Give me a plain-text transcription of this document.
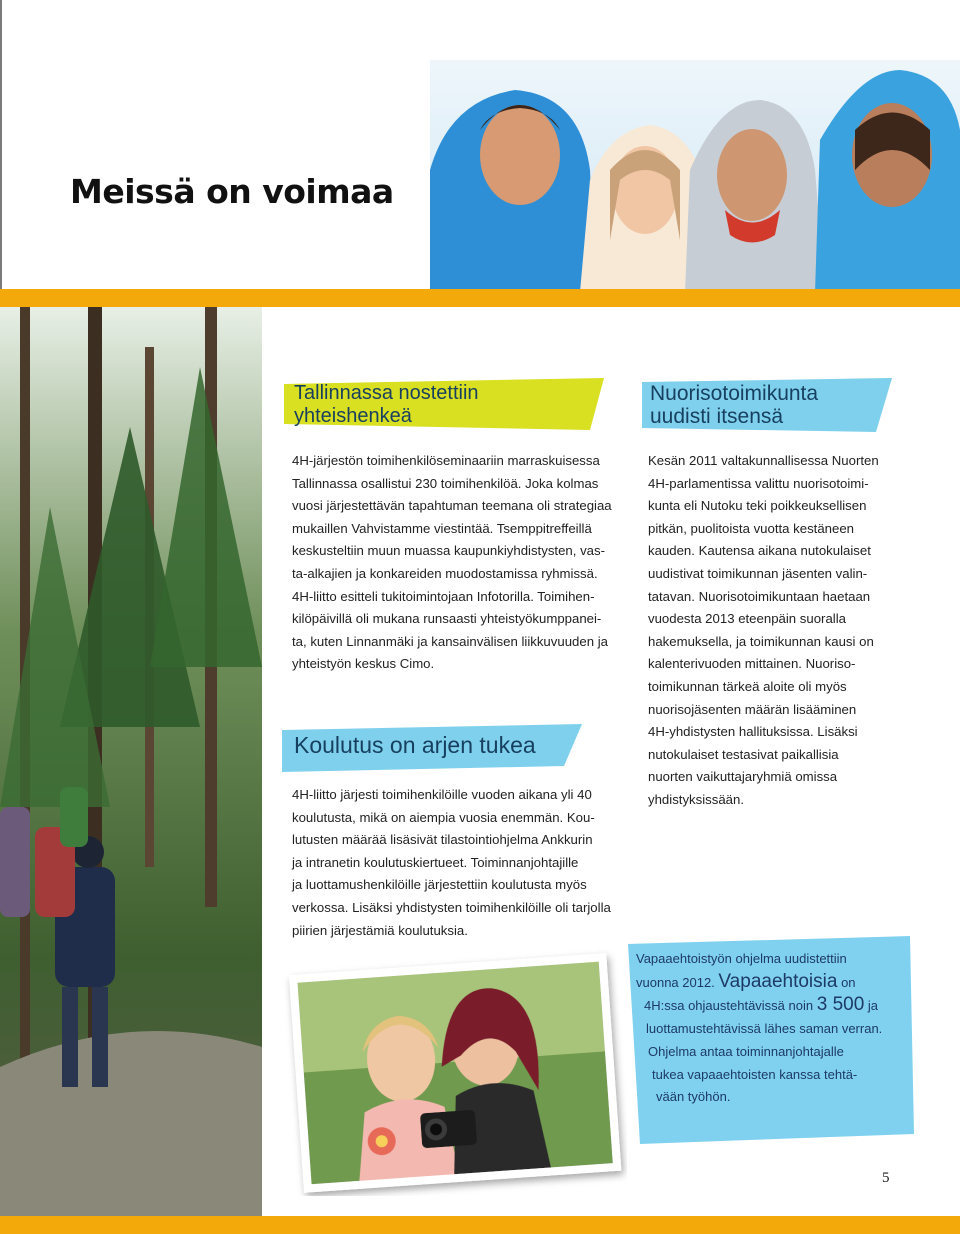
Meissä on voimaa
Tallinnassa nostettiin
yhteishenkeä

4H-järjestön toimihenkilöseminaariin marraskuisessa

Tallinnassa osallistui 230 toimihenkilöä. Joka kolmas

vuosi järjestettävän tapahtuman teemana oli strategiaa

mukaillen Vahvistamme viestintää. Tsemppitreffeillä

keskusteltiin muun muassa kaupunkiyhdistysten, vas-

ta-alkajien ja konkareiden muodostamissa ryhmissä.

4H-liitto esitteli tukitoimintojaan Infotorilla. Toimihen-

kilöpäivillä oli mukana runsaasti yhteistyökumppanei-

ta, kuten Linnanmäki ja kansainvälisen liikkuvuuden ja

yhteistyön keskus Cimo.

Koulutus on arjen tukea

4H-liitto järjesti toimihenkilöille vuoden aikana yli 40

koulutusta, mikä on aiempia vuosia enemmän. Kou-

lutusten määrää lisäsivät tilastointiohjelma Ankkurin

ja intranetin koulutuskiertueet. Toiminnanjohtajille

ja luottamushenkilöille järjestettiin koulutusta myös

verkossa. Lisäksi yhdistysten toimihenkilöille oli tarjolla

piirien järjestämiä koulutuksia.

Nuorisotoimikunta
uudisti itsensä

Kesän 2011 valtakunnallisessa Nuorten

4H-parlamentissa valittu nuorisotoimi-

kunta eli Nutoku teki poikkeuksellisen

pitkän, puolitoista vuotta kestäneen

kauden. Kautensa aikana nutokulaiset

uudistivat toimikunnan jäsenten valin-

tatavan. Nuorisotoimikuntaan haetaan

vuodesta 2013 eteenpäin suoralla

hakemuksella, ja toimikunnan kausi on

kalenterivuoden mittainen. Nuoriso-

toimikunnan tärkeä aloite oli myös

nuorisojäsenten määrän lisääminen

4H-yhdistysten hallituksissa. Lisäksi

nutokulaiset testasivat paikallisia

nuorten vaikuttajaryhmiä omissa

yhdistyksissään.

Vapaaehtoistyön ohjelma uudistettiin
vuonna 2012. Vapaaehtoisia on
4H:ssa ohjaustehtävissä noin 3 500 ja
luottamustehtävissä lähes saman verran.
Ohjelma antaa toiminnanjohtajalle
tukea vapaaehtoisten kanssa tehtä-
vään työhön.
5
